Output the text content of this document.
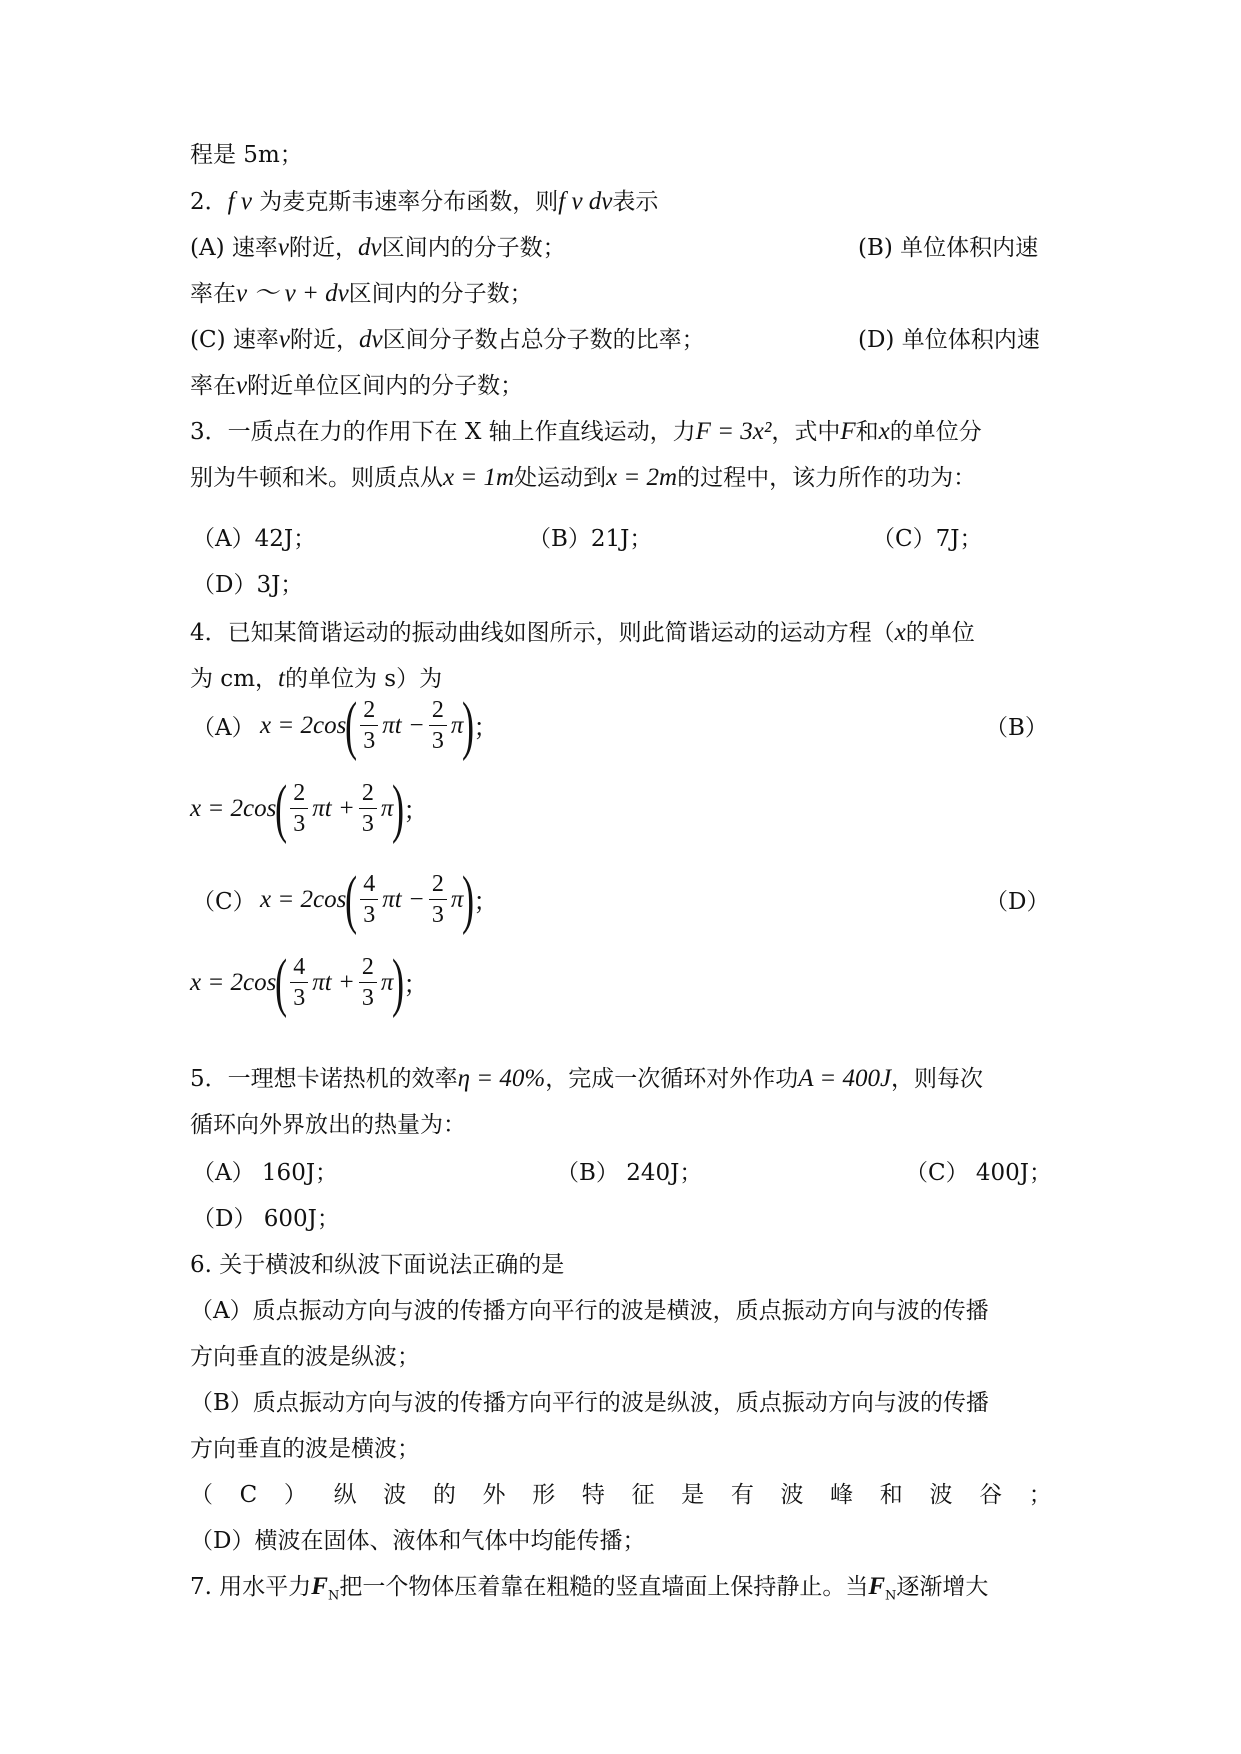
程是 5m；
2．f v 为麦克斯韦速率分布函数，则f v dv表示
(A) 速率v附近，dv区间内的分子数；	(B) 单位体积内速
率在v ～ v + dv区间内的分子数；
(C) 速率v附近，dv区间分子数占总分子数的比率；	(D) 单位体积内速
率在v附近单位区间内的分子数；
3．一质点在力的作用下在 X 轴上作直线运动，力F = 3x²，式中F和x的单位分
别为牛顿和米。则质点从x = 1m处运动到x = 2m的过程中，该力所作的功为：
（A）42J；	（B）21J；	（C）7J；
（D）3J；
4．已知某简谐运动的振动曲线如图所示，则此简谐运动的运动方程（x的单位
为 cm，t的单位为 s）为
（A） x = 2cos
( $\frac{2}{3}$ $\pi t - \frac{2}{3}$ π
)
；	（B）
x = 2cos
( $\frac{2}{3}$ $\pi t + \frac{2}{3}$ π
)
；
（C） x = 2cos
( $\frac{4}{3}$ $\pi t - \frac{2}{3}$ π
)
；	（D）
x = 2cos
( $\frac{4}{3}$ $\pi t + \frac{2}{3}$ π
)
；
5．一理想卡诺热机的效率η = 40%，完成一次循环对外作功A = 400J，则每次
循环向外界放出的热量为：
（A） 160J；	（B） 240J；	（C） 400J；
（D） 600J；
6. 关于横波和纵波下面说法正确的是
（A）质点振动方向与波的传播方向平行的波是横波，质点振动方向与波的传播
方向垂直的波是纵波；
（B）质点振动方向与波的传播方向平行的波是纵波，质点振动方向与波的传播
方向垂直的波是横波；
（ C ） 纵 波 的 外 形 特 征 是 有 波 峰 和 波 谷 ；
（D）横波在固体、液体和气体中均能传播；
7. 用水平力$F_N$把一个物体压着靠在粗糙的竖直墙面上保持静止。当$F_N$逐渐增大
